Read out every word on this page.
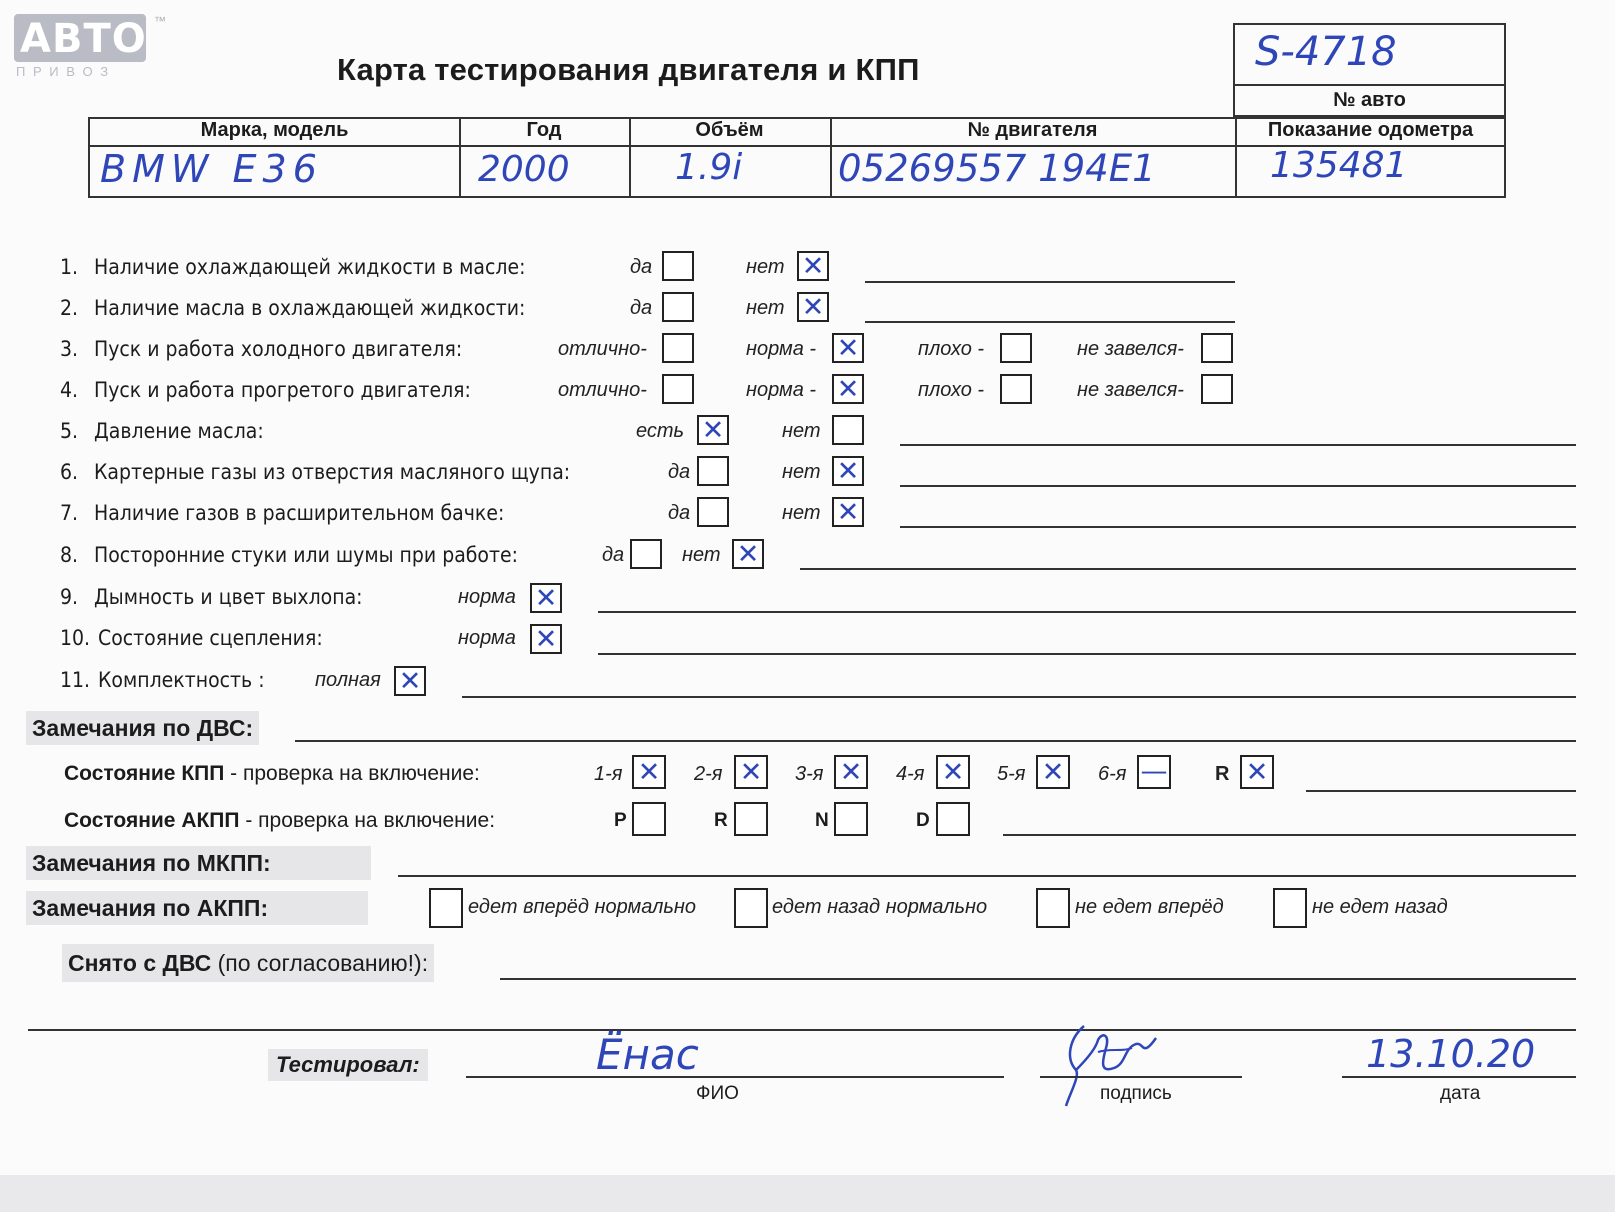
АВТО ™
П Р И В О З	Карта тестирования двигателя и КПП	S-4718
№ авто
Марка, модель	Год	Объём	№ двигателя	Показание одометра
BMW E36	2000	1.9i	05269557 194E1	135481
1. Наличие охлаждающей жидкости в масле:	да	нет ✕
2. Наличие масла в охлаждающей жидкости:	да	нет ✕
3. Пуск и работа холодного двигателя:	отлично-	норма - ✕	плохо -	не завелся-
4. Пуск и работа прогретого двигателя:	отлично-	норма - ✕	плохо -	не завелся-
5. Давление масла:	есть ✕	нет
6. Картерные газы из отверстия масляного щупа:	да	нет ✕
7. Наличие газов в расширительном бачке:	да	нет ✕
8. Посторонние стуки или шумы при работе:	да	нет ✕
9. Дымность и цвет выхлопа:	норма ✕
10. Состояние сцепления:	норма ✕
11. Комплектность :	полная ✕
Замечания по ДВС:
Состояние КПП - проверка на включение:	1-я ✕ 2-я ✕ 3-я ✕ 4-я ✕ 5-я ✕ 6-я — R ✕
Состояние АКПП - проверка на включение:	P	R	N	D
Замечания по МКПП:
Замечания по АКПП:	едет вперёд нормально	едет назад нормально	не едет вперёд	не едет назад
Снято с ДВС (по согласованию!):
Тестировал:	Ёнас
ФИО	подпись
13.10.20
дата
